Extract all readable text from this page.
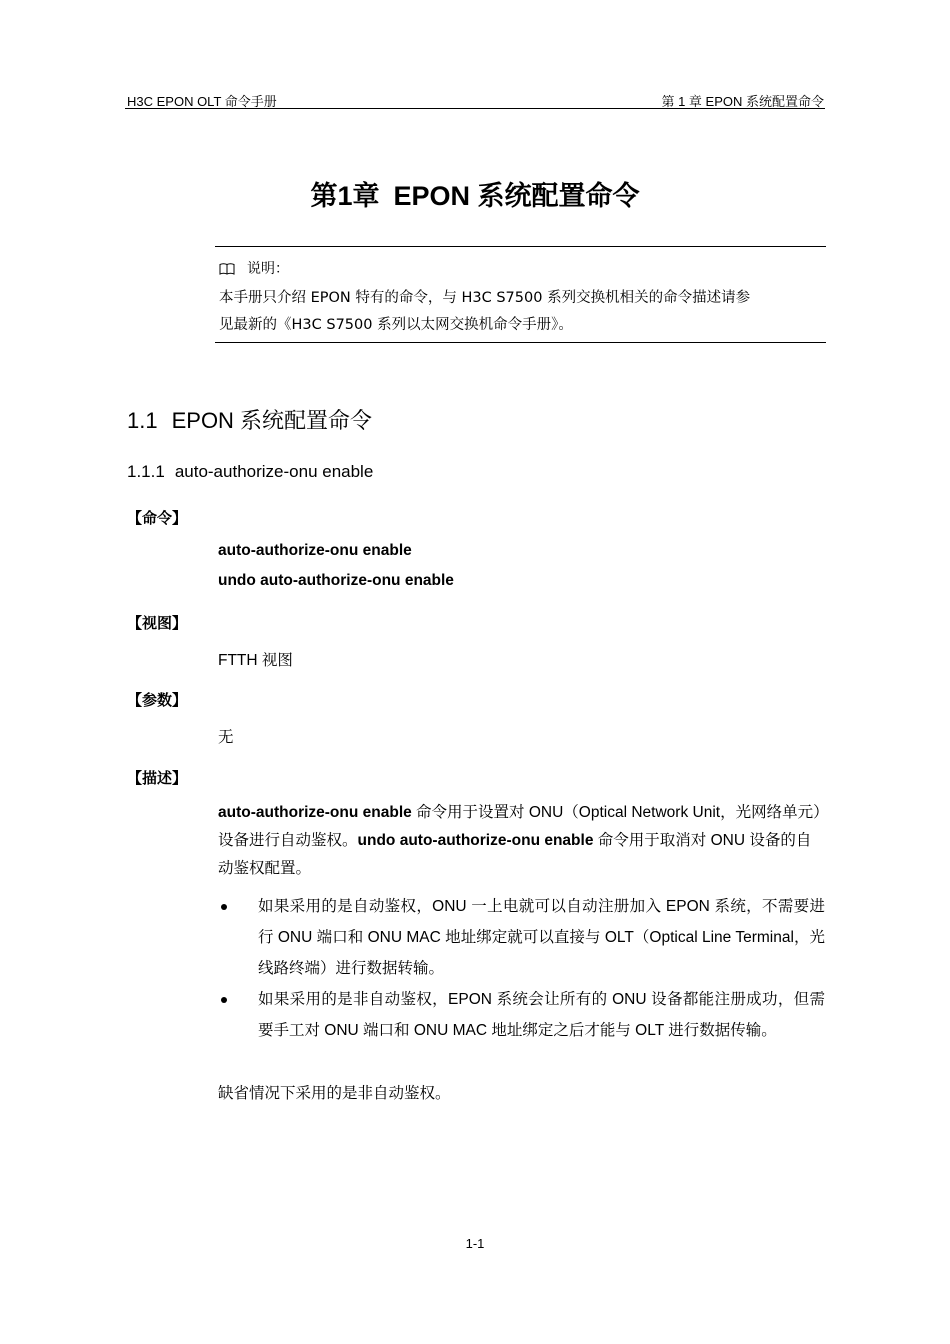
H3C EPON OLT 命令手册	第 1 章 EPON 系统配置命令
第1章 EPON 系统配置命令
说明：
本手册只介绍 EPON 特有的命令，与 H3C S7500 系列交换机相关的命令描述请参
见最新的《H3C S7500 系列以太网交换机命令手册》。
1.1 EPON 系统配置命令
1.1.1 auto-authorize-onu enable
【命令】
auto-authorize-onu enable
undo auto-authorize-onu enable
【视图】
FTTH 视图
【参数】
无
【描述】
auto-authorize-onu enable 命令用于设置对 ONU（Optical Network Unit，光网络单元）设备进行自动鉴权。undo auto-authorize-onu enable 命令用于取消对 ONU 设备的自动鉴权配置。
如果采用的是自动鉴权，ONU 一上电就可以自动注册加入 EPON 系统，不需要进行 ONU 端口和 ONU MAC 地址绑定就可以直接与 OLT（Optical Line Terminal，光线路终端）进行数据转输。
如果采用的是非自动鉴权，EPON 系统会让所有的 ONU 设备都能注册成功，但需要手工对 ONU 端口和 ONU MAC 地址绑定之后才能与 OLT 进行数据传输。
缺省情况下采用的是非自动鉴权。
1-1
